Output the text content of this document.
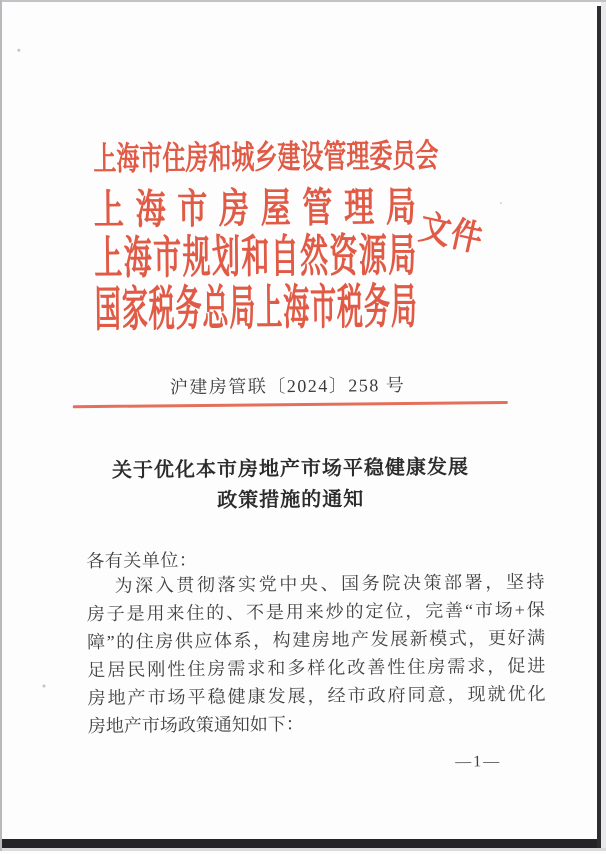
上 海 市 住 房 和 城 乡 建 设 管 理 委 员 会
上 海 市 房 屋 管 理 局
上 海 市 规 划 和 自 然 资 源 局
国 家 税 务 总 局 上 海 市 税 务 局
文件
沪建房管联〔2024〕258 号
关于优化本市房地产市场平稳健康发展
政策措施的通知
各有关单位：
为深入贯彻落实党中央、国务院决策部署，坚持
房子是用来住的、不是用来炒的定位，完善“市场+保
障”的住房供应体系，构建房地产发展新模式，更好满
足居民刚性住房需求和多样化改善性住房需求，促进
房地产市场平稳健康发展，经市政府同意，现就优化
房地产市场政策通知如下：
—1—
